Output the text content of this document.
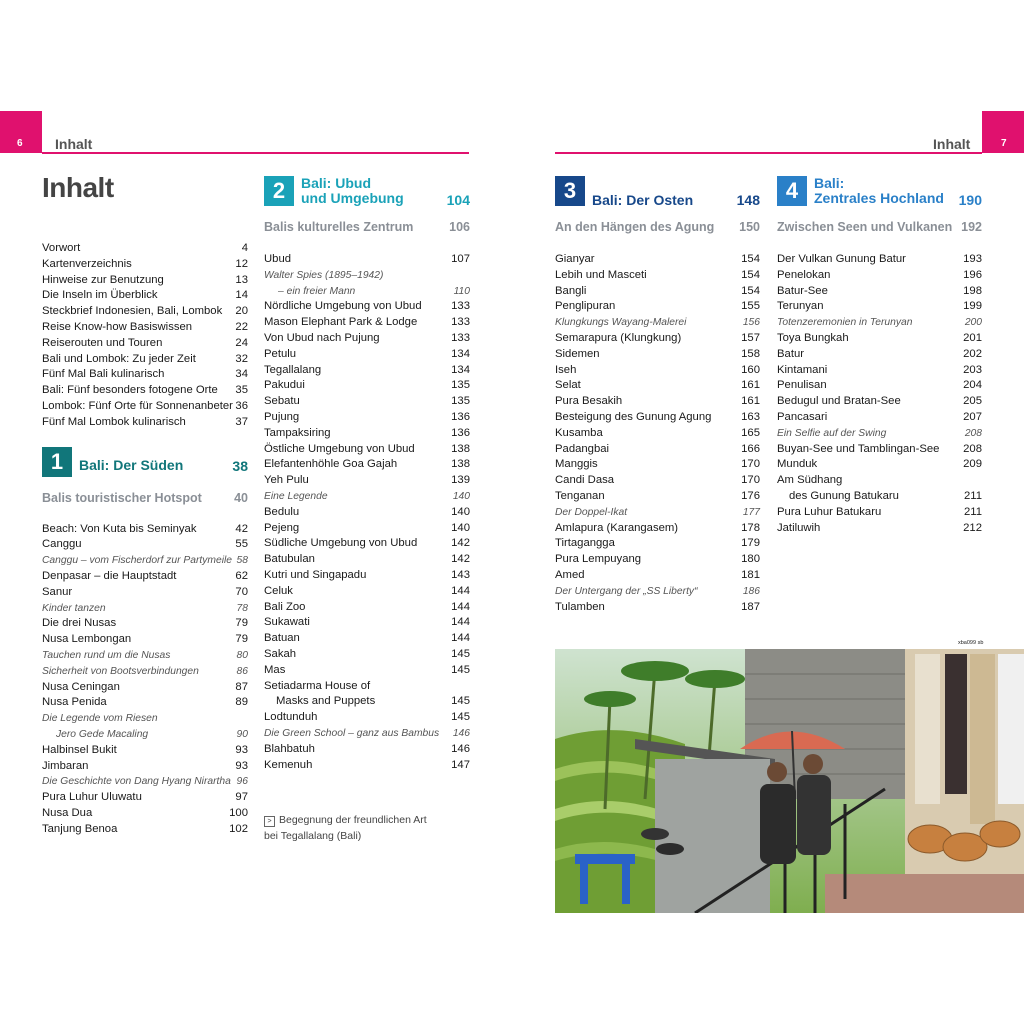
6 Inhalt	7
Inhalt
Inhalt
Vorwort	4
Kartenverzeichnis	12
Hinweise zur Benutzung	13
Die Inseln im Überblick	14
Steckbrief Indonesien, Bali, Lombok 20
Reise Know-how Basiswissen	22
Reiserouten und Touren	24
Bali und Lombok: Zu jeder Zeit	32
Fünf Mal Bali kulinarisch	34
Bali: Fünf besonders fotogene Orte 35
Lombok: Fünf Orte für Sonnenanbeter 36
Fünf Mal Lombok kulinarisch	37
1	Bali: Der Süden	38
Balis touristischer Hotspot	40
Beach: Von Kuta bis Seminyak	42
Canggu	55
Canggu – vom Fischerdorf zur Partymeile 58
Denpasar – die Hauptstadt	62
Sanur	70
Kinder tanzen	78
Die drei Nusas	79
Nusa Lembongan	79
Tauchen rund um die Nusas	80
Sicherheit von Bootsverbindungen	86
Nusa Ceningan	87
Nusa Penida	89
Die Legende vom Riesen
Jero Gede Macaling	90
Halbinsel Bukit	93
Jimbaran	93
Die Geschichte von Dang Hyang Nirartha 96
Pura Luhur Uluwatu	97
Nusa Dua	100
Tanjung Benoa	102
2	Bali: Ubud
und Umgebung	104
Balis kulturelles Zentrum	106
Ubud	107
Walter Spies (1895–1942)
– ein freier Mann	110
Nördliche Umgebung von Ubud	133
Mason Elephant Park & Lodge	133
Von Ubud nach Pujung	133
Petulu	134
Tegallalang	134
Pakudui	135
Sebatu	135
Pujung	136
Tampaksiring	136
Östliche Umgebung von Ubud	138
Elefantenhöhle Goa Gajah	138
Yeh Pulu	139
Eine Legende	140
Bedulu	140
Pejeng	140
Südliche Umgebung von Ubud	142
Batubulan	142
Kutri und Singapadu	143
Celuk	144
Bali Zoo	144
Sukawati	144
Batuan	144
Sakah	145
Mas	145
Setiadarma House of
Masks and Puppets	145
Lodtunduh	145
Die Green School – ganz aus Bambus 146
Blahbatuh	146
Kemenuh	147
> Begegnung der freundlichen Art
bei Tegallalang (Bali)
3	Bali: Der Osten	148
An den Hängen des Agung 150
Gianyar	154
Lebih und Masceti	154
Bangli	154
Penglipuran	155
Klungkungs Wayang-Malerei	156
Semarapura (Klungkung)	157
Sidemen	158
Iseh	160
Selat	161
Pura Besakih	161
Besteigung des Gunung Agung	163
Kusamba	165
Padangbai	166
Manggis	170
Candi Dasa	170
Tenganan	176
Der Doppel-Ikat	177
Amlapura (Karangasem)	178
Tirtagangga	179
Pura Lempuyang	180
Amed	181
Der Untergang der „SS Liberty“	186
Tulamben	187
4	Bali:
Zentrales Hochland	190
Zwischen Seen und Vulkanen 192
Der Vulkan Gunung Batur	193
Penelokan	196
Batur-See	198
Terunyan	199
Totenzeremonien in Terunyan	200
Toya Bungkah	201
Batur	202
Kintamani	203
Penulisan	204
Bedugul und Bratan-See	205
Pancasari	207
Ein Selfie auf der Swing	208
Buyan-See und Tamblingan-See 208
Munduk	209
Am Südhang
des Gunung Batukaru	211
Pura Luhur Batukaru	211
Jatiluwih	212
xba099 sb
